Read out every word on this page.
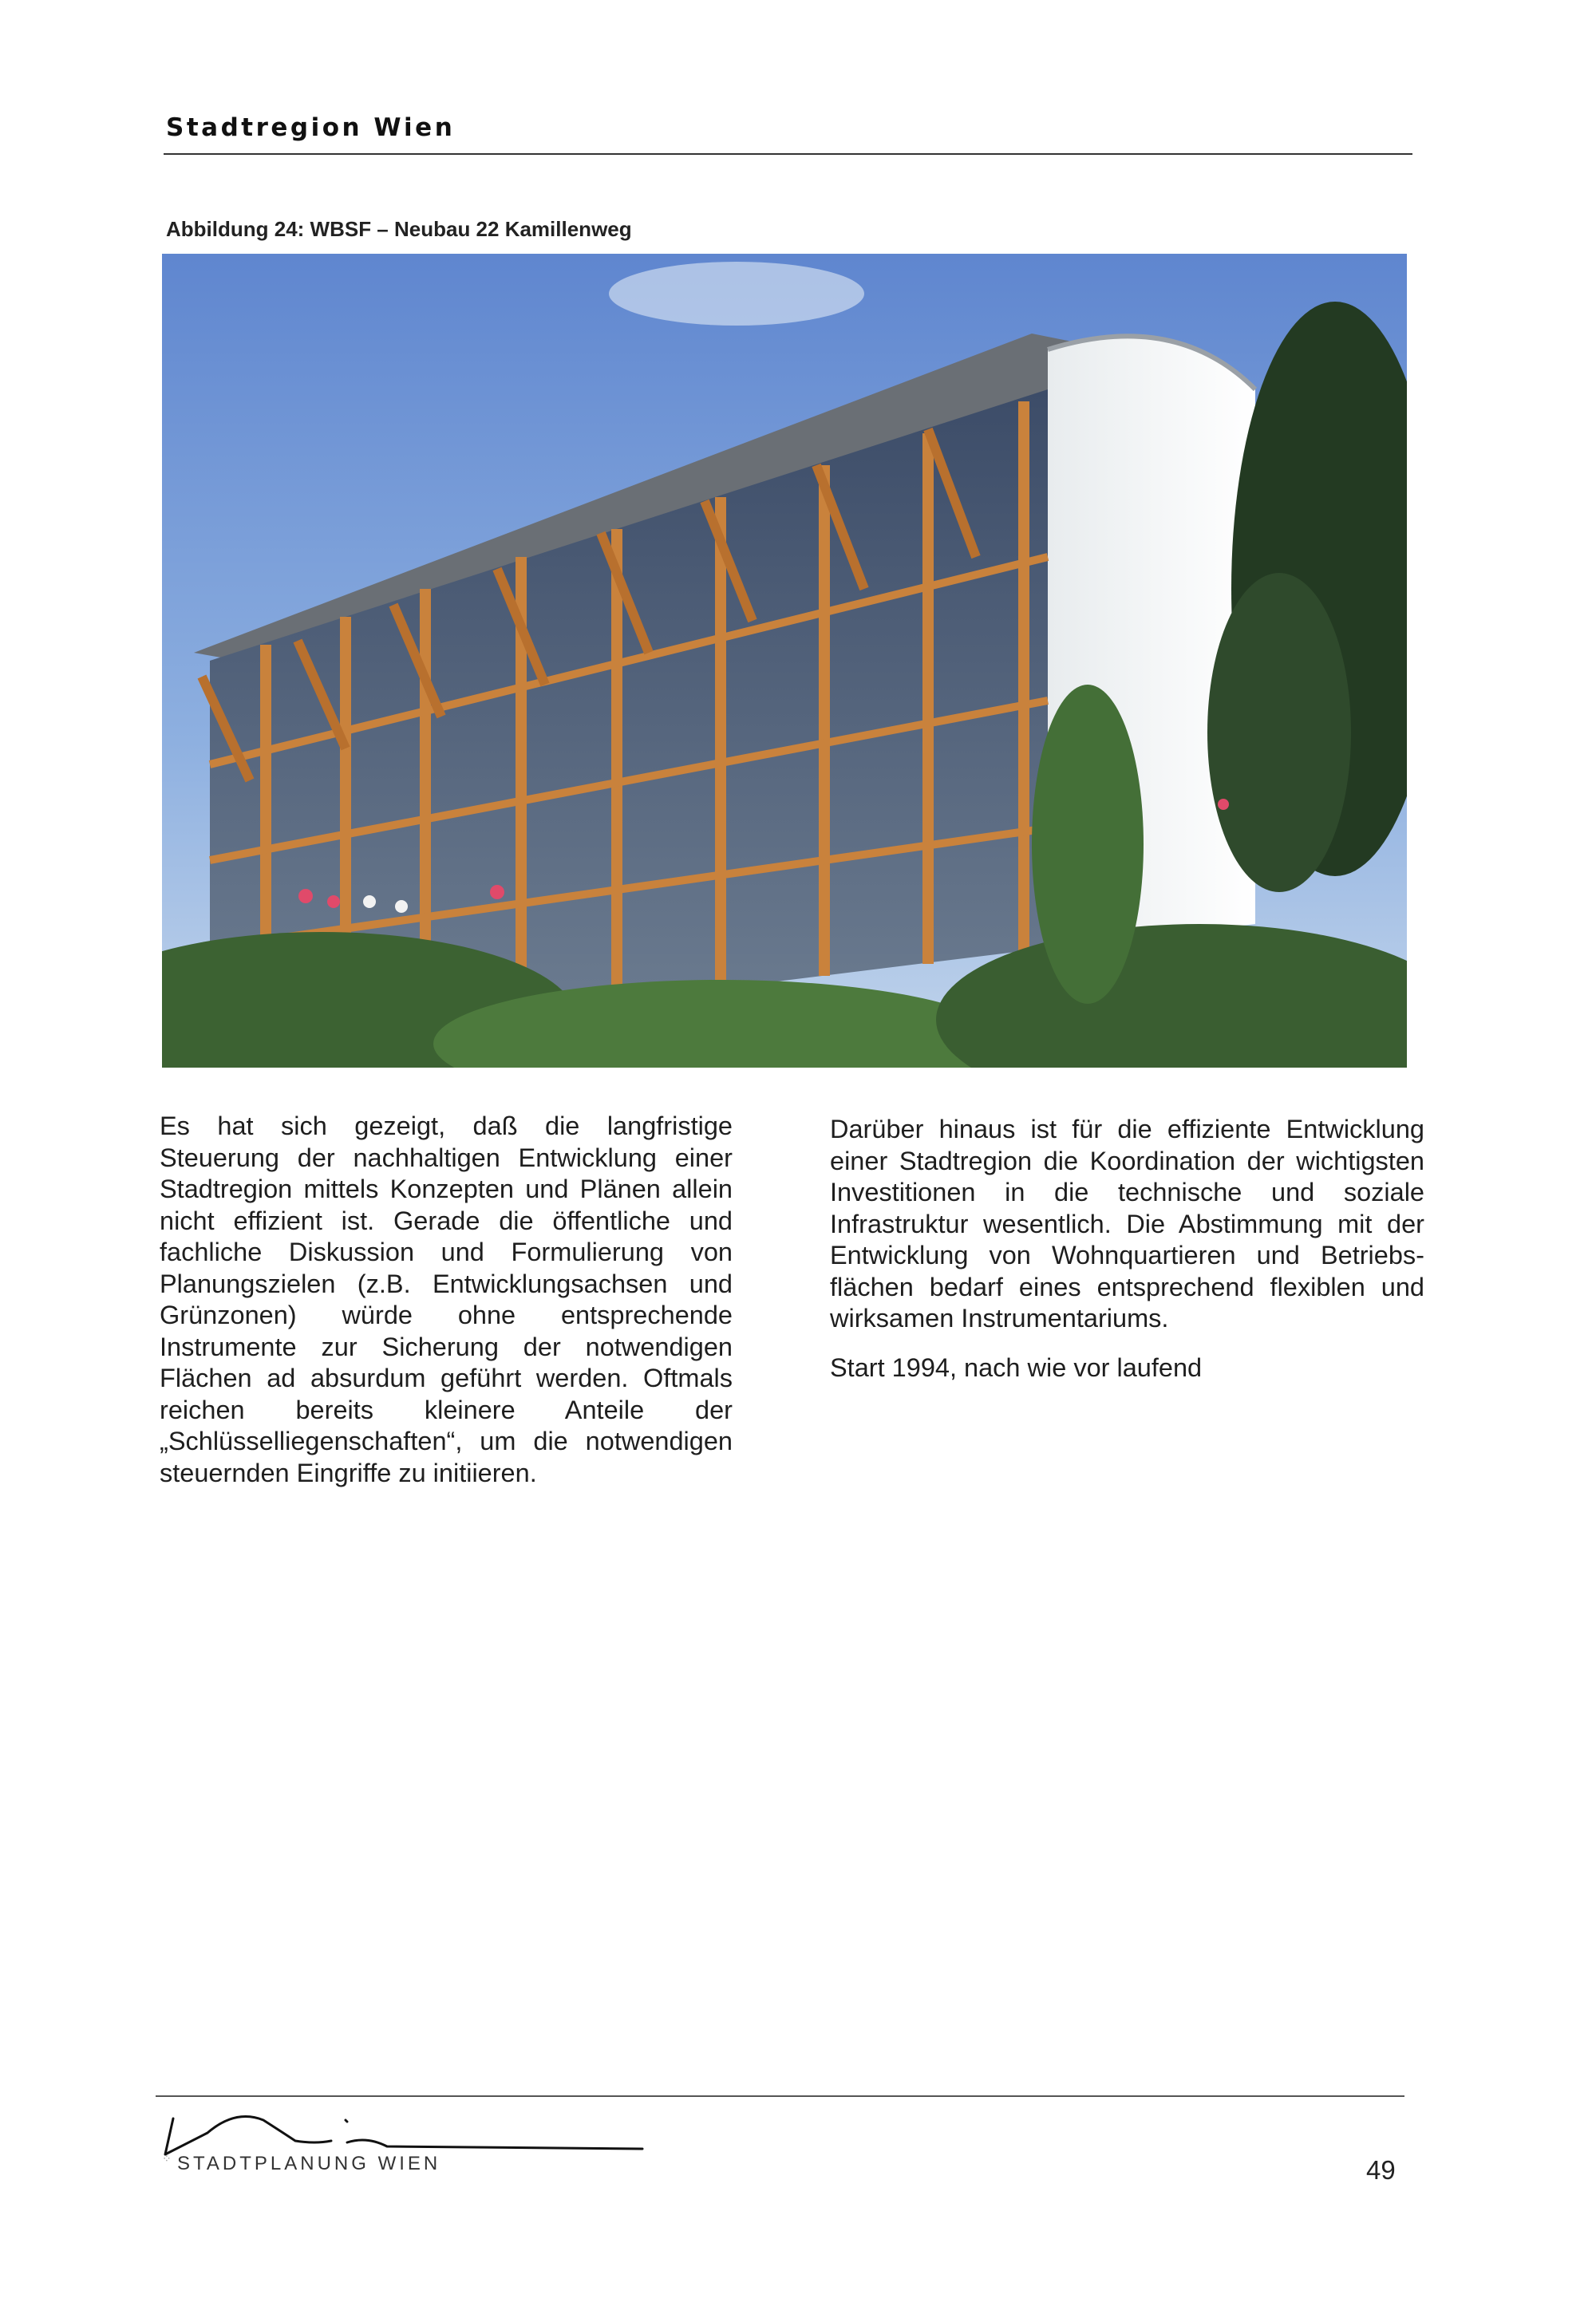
Stadtregion Wien
Abbildung 24: WBSF – Neubau 22 Kamillenweg

Es hat sich gezeigt, daß die langfristige Steuerung der nachhaltigen Entwicklung einer Stadtregion mittels Konzepten und Plänen allein nicht effizient ist. Gerade die öffentliche und fachliche Diskussion und Formulierung von Planungszielen (z.B. Entwicklungsachsen und Grünzonen) würde ohne entsprechende Instrumente zur Sicherung der notwendigen Flächen ad absurdum geführt werden. Oftmals reichen bereits kleinere Anteile der „Schlüsselliegenschaften“, um die notwendigen steuernden Eingriffe zu initiieren.

Darüber hinaus ist für die effiziente Entwicklung einer Stadtregion die Koordination der wichtigsten Investitionen in die technische und soziale Infrastruktur wesentlich. Die Abstimmung mit der Entwicklung von Wohnquartieren und Betriebsflächen bedarf eines entsprechend flexiblen und wirksamen Instrumentariums.

Start 1994, nach wie vor laufend

⁘ STADTPLANUNG WIEN	49
